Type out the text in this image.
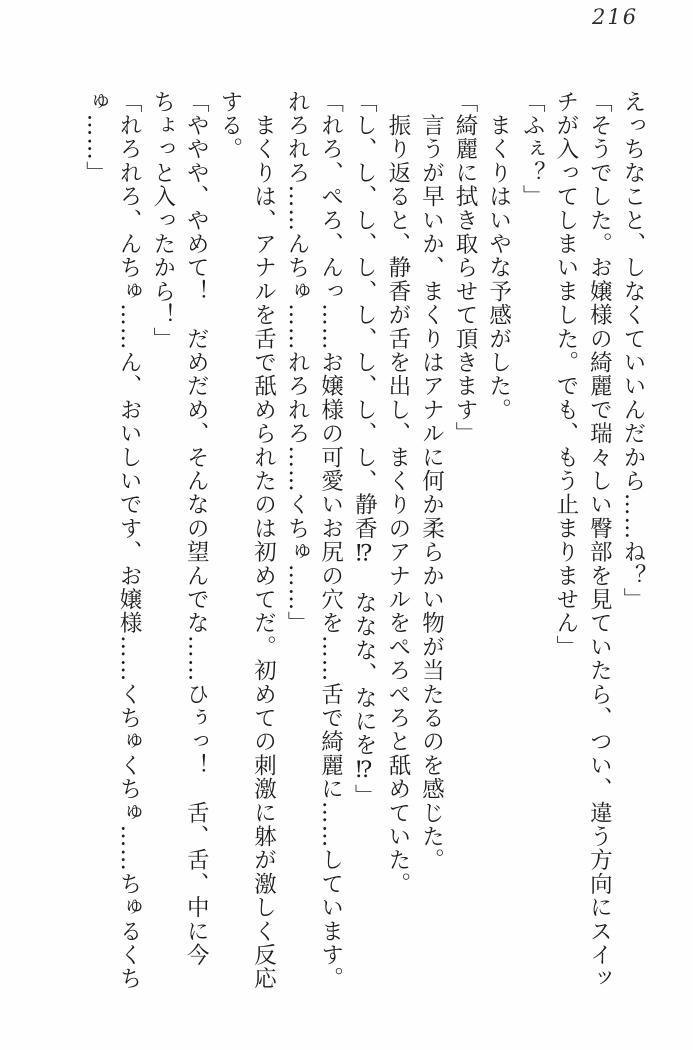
216
えっちなこと、しなくていいんだから……ね？」
「そうでした。お嬢様の綺麗で瑞々しい臀部を見ていたら、つい、違う方向にスイッ
チが入ってしまいました。でも、もう止まりません」
「ふぇ？」
　まくりはいやな予感がした。
「綺麗に拭き取らせて頂きます」
　言うが早いか、まくりはアナルに何か柔らかい物が当たるのを感じた。
　振り返ると、静香が舌を出し、まくりのアナルをぺろぺろと舐めていた。
「し、し、し、し、し、し、し、し、静香⁉　ななな、なにを⁉」
「れろ、ぺろ、んっ……お嬢様の可愛いお尻の穴を……舌で綺麗に……しています。
れろれろ……んちゅ……れろれろ……くちゅ……」
　まくりは、アナルを舌で舐められたのは初めてだ。初めての刺激に躰が激しく反応
する。
「ややや、やめて！　だめだめ、そんなの望んでな……ひぅっ！　舌、舌、中に今
ちょっと入ったから！」
「れろれろ、んちゅ……ん、おいしいです、お嬢様……くちゅくちゅ……ちゅるくち
ゅ……」
